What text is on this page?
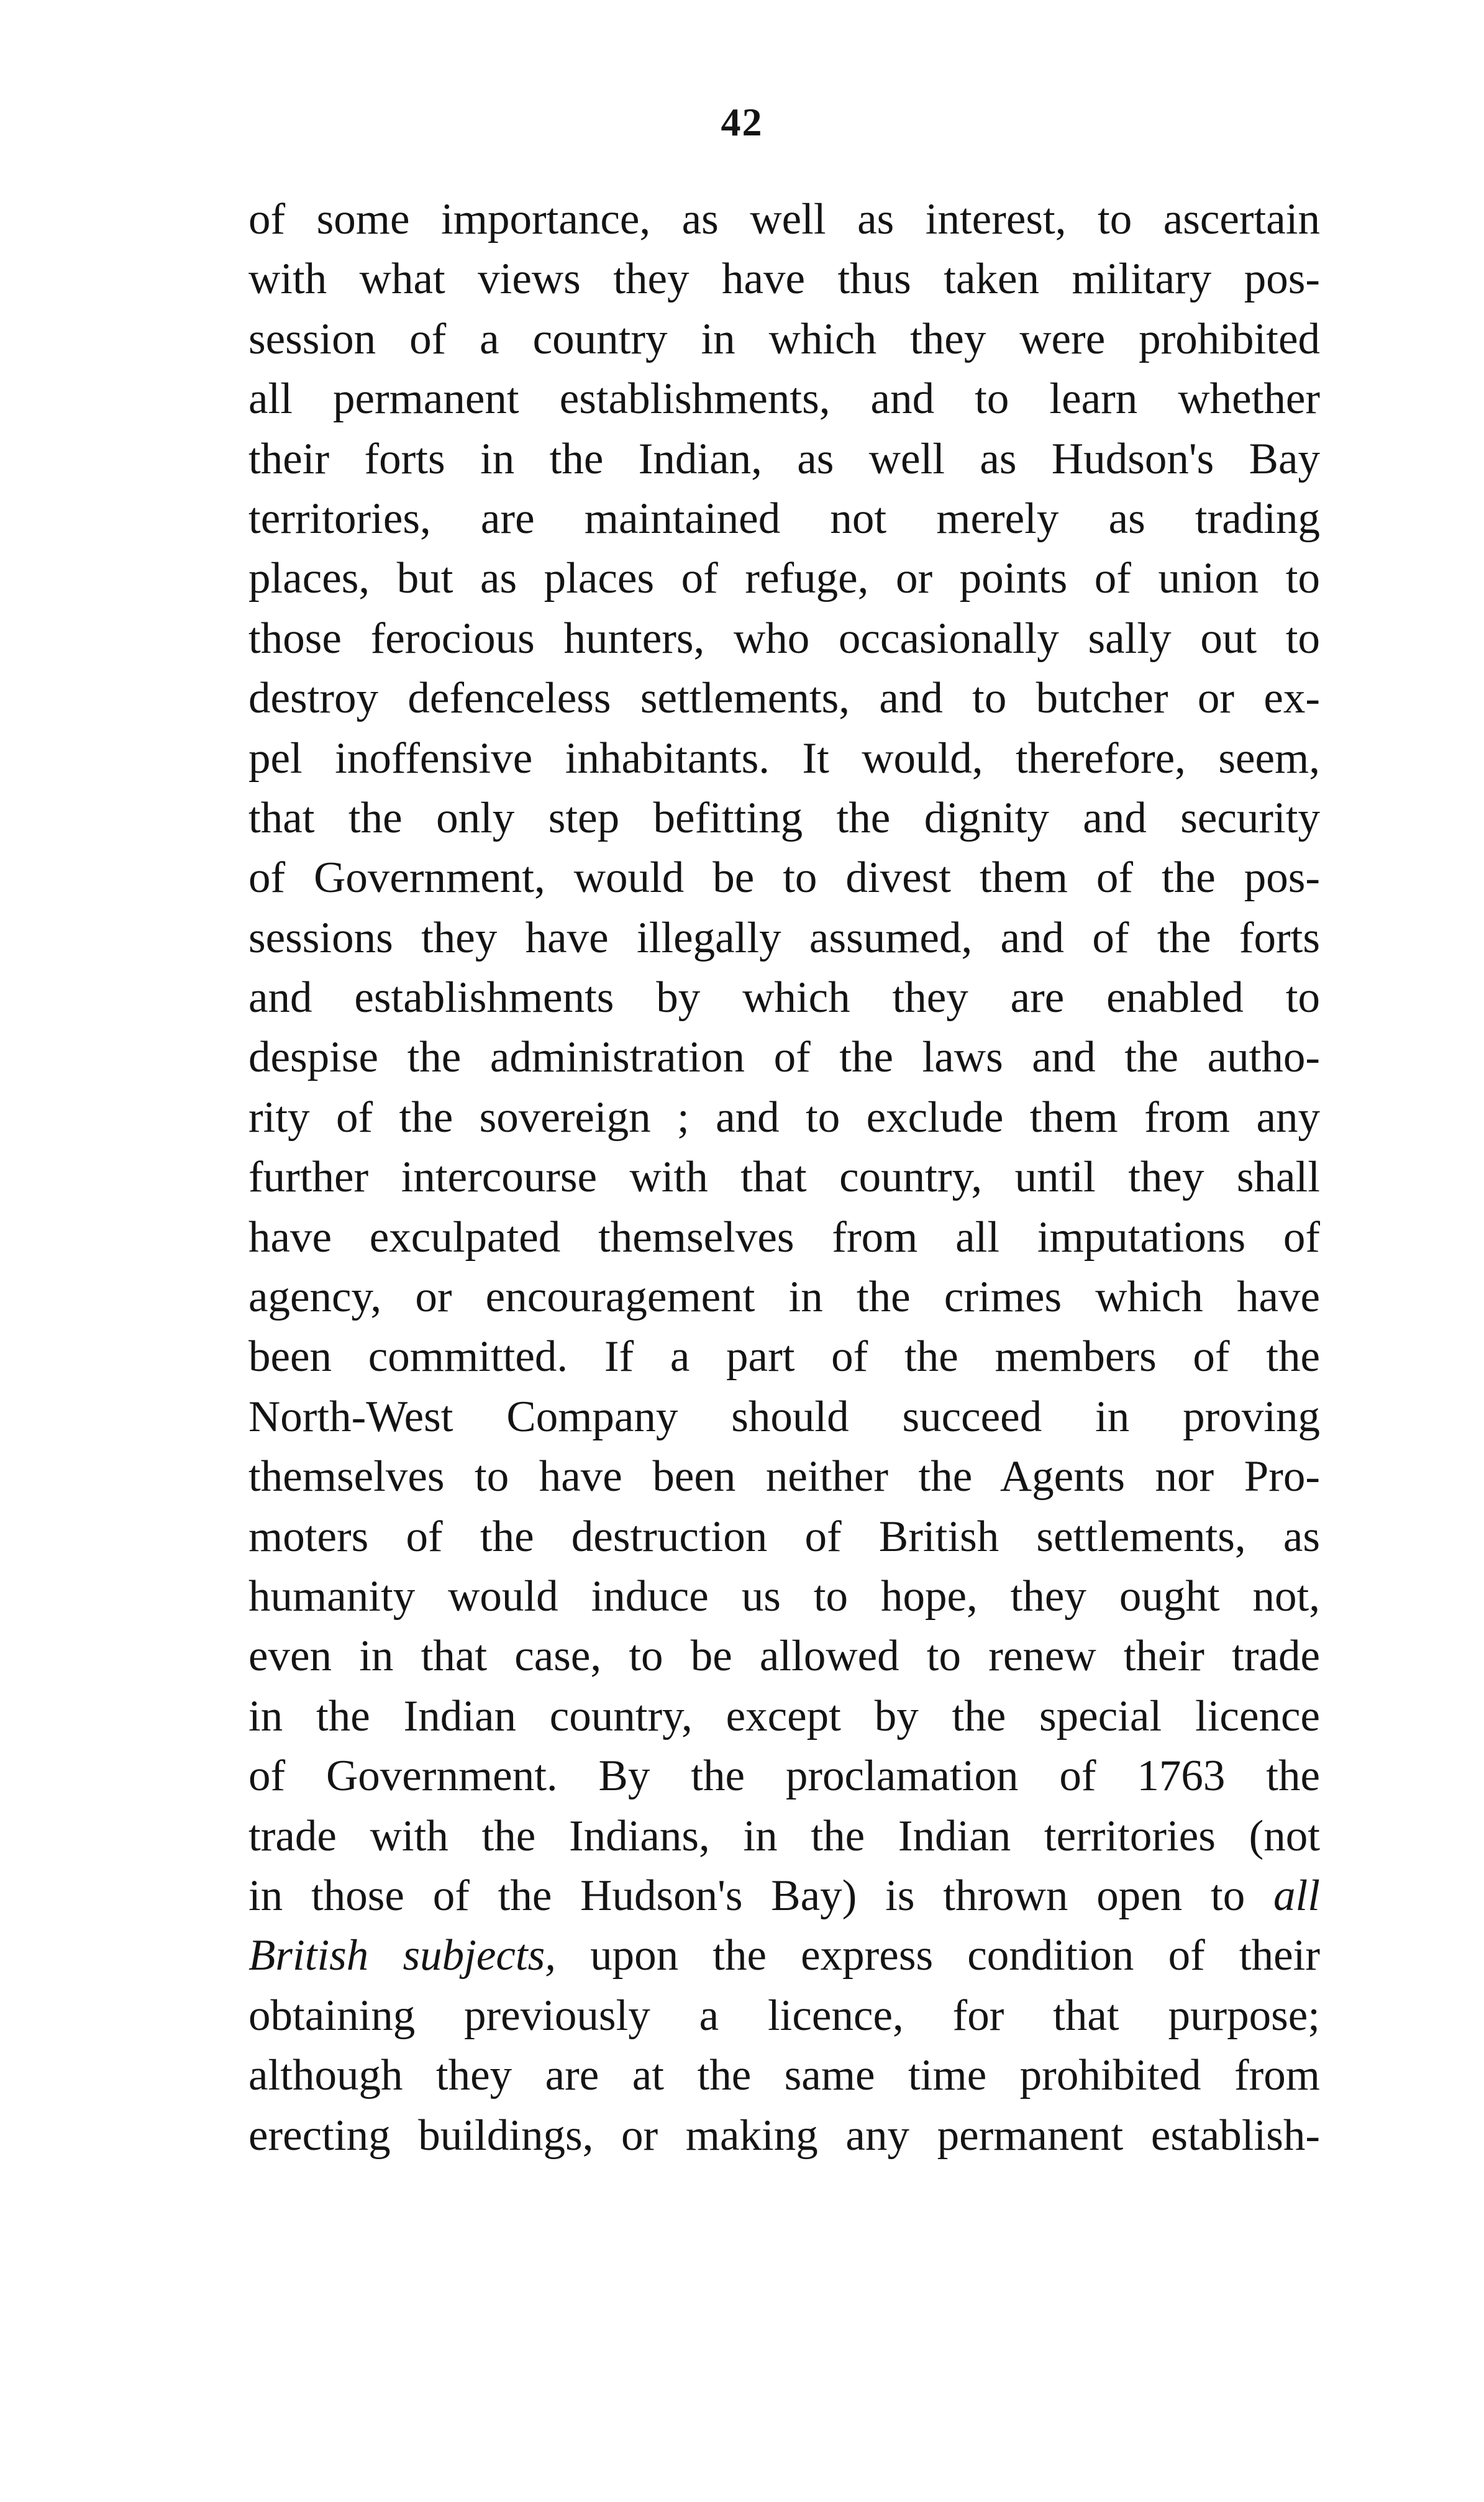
42
of some importance, as well as interest, to ascertain
with what views they have thus taken military pos-
session of a country in which they were prohibited
all permanent establishments, and to learn whether
their forts in the Indian, as well as Hudson's Bay
territories, are maintained not merely as trading
places, but as places of refuge, or points of union to
those ferocious hunters, who occasionally sally out to
destroy defenceless settlements, and to butcher or ex-
pel inoffensive inhabitants. It would, therefore, seem,
that the only step befitting the dignity and security
of Government, would be to divest them of the pos-
sessions they have illegally assumed, and of the forts
and establishments by which they are enabled to
despise the administration of the laws and the autho-
rity of the sovereign ; and to exclude them from any
further intercourse with that country, until they shall
have exculpated themselves from all imputations of
agency, or encouragement in the crimes which have
been committed. If a part of the members of the
North-West Company should succeed in proving
themselves to have been neither the Agents nor Pro-
moters of the destruction of British settlements, as
humanity would induce us to hope, they ought not,
even in that case, to be allowed to renew their trade
in the Indian country, except by the special licence
of Government. By the proclamation of 1763 the
trade with the Indians, in the Indian territories (not
in those of the Hudson's Bay) is thrown open to all
British subjects, upon the express condition of their
obtaining previously a licence, for that purpose;
although they are at the same time prohibited from
erecting buildings, or making any permanent establish-
